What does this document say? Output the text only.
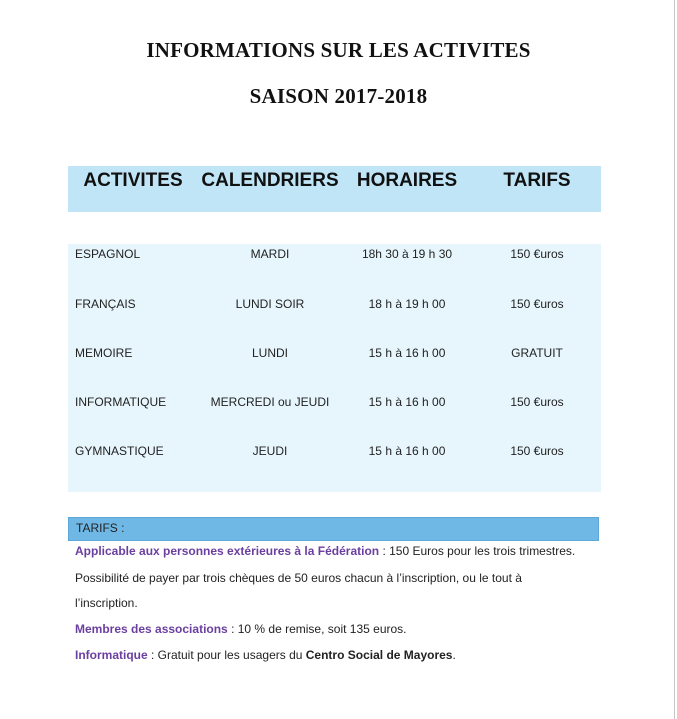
INFORMATIONS SUR LES ACTIVITES
SAISON 2017-2018
ACTIVITES CALENDRIERS HORAIRES TARIFS
ESPAGNOL	MARDI	18h 30 à 19 h 30	150 €uros
FRANÇAIS	LUNDI SOIR	18 h à 19 h 00	150 €uros
MEMOIRE	LUNDI	15 h à 16 h 00	GRATUIT
INFORMATIQUE	MERCREDI ou JEUDI	15 h à 16 h 00	150 €uros
GYMNASTIQUE	JEUDI	15 h à 16 h 00	150 €uros
TARIFS :
Applicable aux personnes extérieures à la Fédération : 150 Euros pour les trois trimestres.
Possibilité de payer par trois chèques de 50 euros chacun à l’inscription, ou le tout à
l’inscription.
Membres des associations : 10 % de remise, soit 135 euros.
Informatique : Gratuit pour les usagers du Centro Social de Mayores.
